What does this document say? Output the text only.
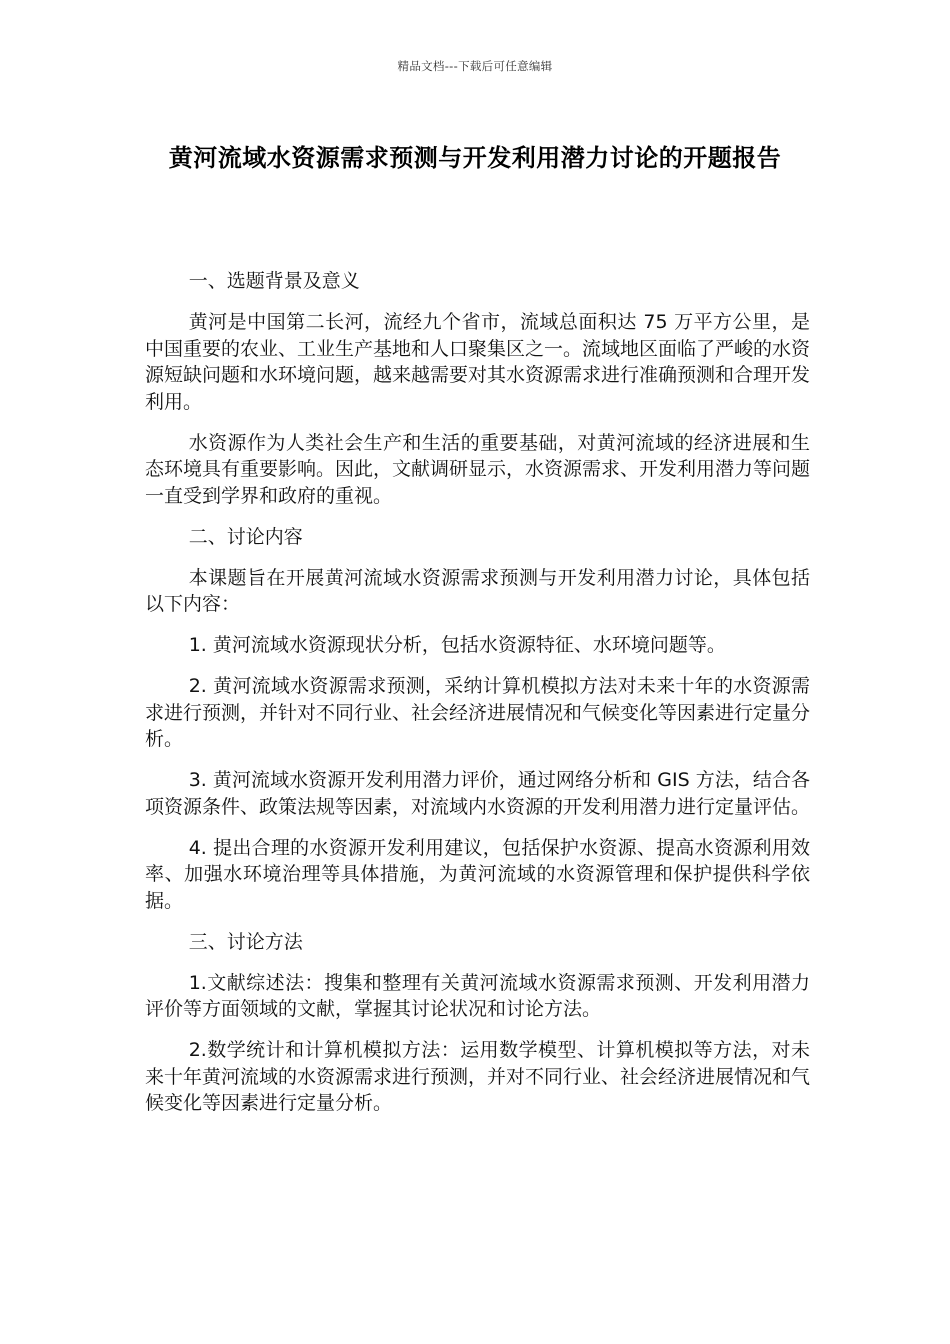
精品文档---下载后可任意编辑
黄河流域水资源需求预测与开发利用潜力讨论的开题报告

一、选题背景及意义

黄河是中国第二长河，流经九个省市，流域总面积达 75 万平方公里，是中国重要的农业、工业生产基地和人口聚集区之一。流域地区面临了严峻的水资源短缺问题和水环境问题，越来越需要对其水资源需求进行准确预测和合理开发利用。

水资源作为人类社会生产和生活的重要基础，对黄河流域的经济进展和生态环境具有重要影响。因此，文献调研显示，水资源需求、开发利用潜力等问题一直受到学界和政府的重视。

二、讨论内容

本课题旨在开展黄河流域水资源需求预测与开发利用潜力讨论，具体包括以下内容：

1. 黄河流域水资源现状分析，包括水资源特征、水环境问题等。

2. 黄河流域水资源需求预测，采纳计算机模拟方法对未来十年的水资源需求进行预测，并针对不同行业、社会经济进展情况和气候变化等因素进行定量分析。

3. 黄河流域水资源开发利用潜力评价，通过网络分析和 GIS 方法，结合各项资源条件、政策法规等因素，对流域内水资源的开发利用潜力进行定量评估。

4. 提出合理的水资源开发利用建议，包括保护水资源、提高水资源利用效率、加强水环境治理等具体措施，为黄河流域的水资源管理和保护提供科学依据。

三、讨论方法

1.文献综述法：搜集和整理有关黄河流域水资源需求预测、开发利用潜力评价等方面领域的文献，掌握其讨论状况和讨论方法。

2.数学统计和计算机模拟方法：运用数学模型、计算机模拟等方法，对未来十年黄河流域的水资源需求进行预测，并对不同行业、社会经济进展情况和气候变化等因素进行定量分析。
